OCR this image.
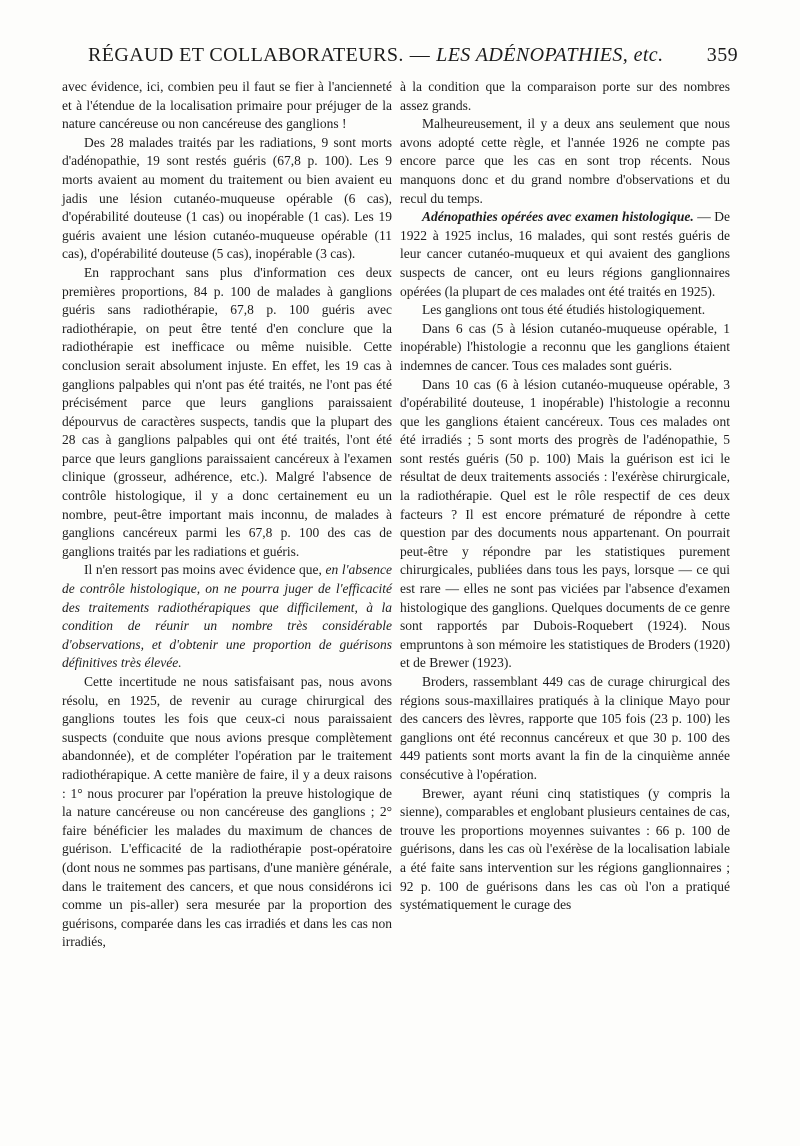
RÉGAUD ET COLLABORATEURS. — LES ADÉNOPATHIES, etc. 359

avec évidence, ici, combien peu il faut se fier à l'ancienneté et à l'étendue de la localisation primaire pour préjuger de la nature cancéreuse ou non cancéreuse des ganglions !

Des 28 malades traités par les radiations, 9 sont morts d'adénopathie, 19 sont restés guéris (67,8 p. 100). Les 9 morts avaient au moment du traitement ou bien avaient eu jadis une lésion cutanéo-muqueuse opérable (6 cas), d'opérabilité douteuse (1 cas) ou inopérable (1 cas). Les 19 guéris avaient une lésion cutanéo-muqueuse opérable (11 cas), d'opérabilité douteuse (5 cas), inopérable (3 cas).

En rapprochant sans plus d'information ces deux premières proportions, 84 p. 100 de malades à ganglions guéris sans radiothérapie, 67,8 p. 100 guéris avec radiothérapie, on peut être tenté d'en conclure que la radiothérapie est inefficace ou même nuisible. Cette conclusion serait absolument injuste. En effet, les 19 cas à ganglions palpables qui n'ont pas été traités, ne l'ont pas été précisément parce que leurs ganglions paraissaient dépourvus de caractères suspects, tandis que la plupart des 28 cas à ganglions palpables qui ont été traités, l'ont été parce que leurs ganglions paraissaient cancéreux à l'examen clinique (grosseur, adhérence, etc.). Malgré l'absence de contrôle histologique, il y a donc certainement eu un nombre, peut-être important mais inconnu, de malades à ganglions cancéreux parmi les 67,8 p. 100 des cas de ganglions traités par les radiations et guéris.

Il n'en ressort pas moins avec évidence que, en l'absence de contrôle histologique, on ne pourra juger de l'efficacité des traitements radiothérapiques que difficilement, à la condition de réunir un nombre très considérable d'observations, et d'obtenir une proportion de guérisons définitives très élevée.

Cette incertitude ne nous satisfaisant pas, nous avons résolu, en 1925, de revenir au curage chirurgical des ganglions toutes les fois que ceux-ci nous paraissaient suspects (conduite que nous avions presque complètement abandonnée), et de compléter l'opération par le traitement radiothérapique. A cette manière de faire, il y a deux raisons : 1° nous procurer par l'opération la preuve histologique de la nature cancéreuse ou non cancéreuse des ganglions ; 2° faire bénéficier les malades du maximum de chances de guérison. L'efficacité de la radiothérapie post-opératoire (dont nous ne sommes pas partisans, d'une manière générale, dans le traitement des cancers, et que nous considérons ici comme un pis-aller) sera mesurée par la proportion des guérisons, comparée dans les cas irradiés et dans les cas non irradiés,

à la condition que la comparaison porte sur des nombres assez grands.

Malheureusement, il y a deux ans seulement que nous avons adopté cette règle, et l'année 1926 ne compte pas encore parce que les cas en sont trop récents. Nous manquons donc et du grand nombre d'observations et du recul du temps.

Adénopathies opérées avec examen histologique. — De 1922 à 1925 inclus, 16 malades, qui sont restés guéris de leur cancer cutanéo-muqueux et qui avaient des ganglions suspects de cancer, ont eu leurs régions ganglionnaires opérées (la plupart de ces malades ont été traités en 1925).

Les ganglions ont tous été étudiés histologiquement.

Dans 6 cas (5 à lésion cutanéo-muqueuse opérable, 1 inopérable) l'histologie a reconnu que les ganglions étaient indemnes de cancer. Tous ces malades sont guéris.

Dans 10 cas (6 à lésion cutanéo-muqueuse opérable, 3 d'opérabilité douteuse, 1 inopérable) l'histologie a reconnu que les ganglions étaient cancéreux. Tous ces malades ont été irradiés ; 5 sont morts des progrès de l'adénopathie, 5 sont restés guéris (50 p. 100) Mais la guérison est ici le résultat de deux traitements associés : l'exérèse chirurgicale, la radiothérapie. Quel est le rôle respectif de ces deux facteurs ? Il est encore prématuré de répondre à cette question par des documents nous appartenant. On pourrait peut-être y répondre par les statistiques purement chirurgicales, publiées dans tous les pays, lorsque — ce qui est rare — elles ne sont pas viciées par l'absence d'examen histologique des ganglions. Quelques documents de ce genre sont rapportés par Dubois-Roquebert (1924). Nous empruntons à son mémoire les statistiques de Broders (1920) et de Brewer (1923).

Broders, rassemblant 449 cas de curage chirurgical des régions sous-maxillaires pratiqués à la clinique Mayo pour des cancers des lèvres, rapporte que 105 fois (23 p. 100) les ganglions ont été reconnus cancéreux et que 30 p. 100 des 449 patients sont morts avant la fin de la cinquième année consécutive à l'opération.

Brewer, ayant réuni cinq statistiques (y compris la sienne), comparables et englobant plusieurs centaines de cas, trouve les proportions moyennes suivantes : 66 p. 100 de guérisons, dans les cas où l'exérèse de la localisation labiale a été faite sans intervention sur les régions ganglionnaires ; 92 p. 100 de guérisons dans les cas où l'on a pratiqué systématiquement le curage des
